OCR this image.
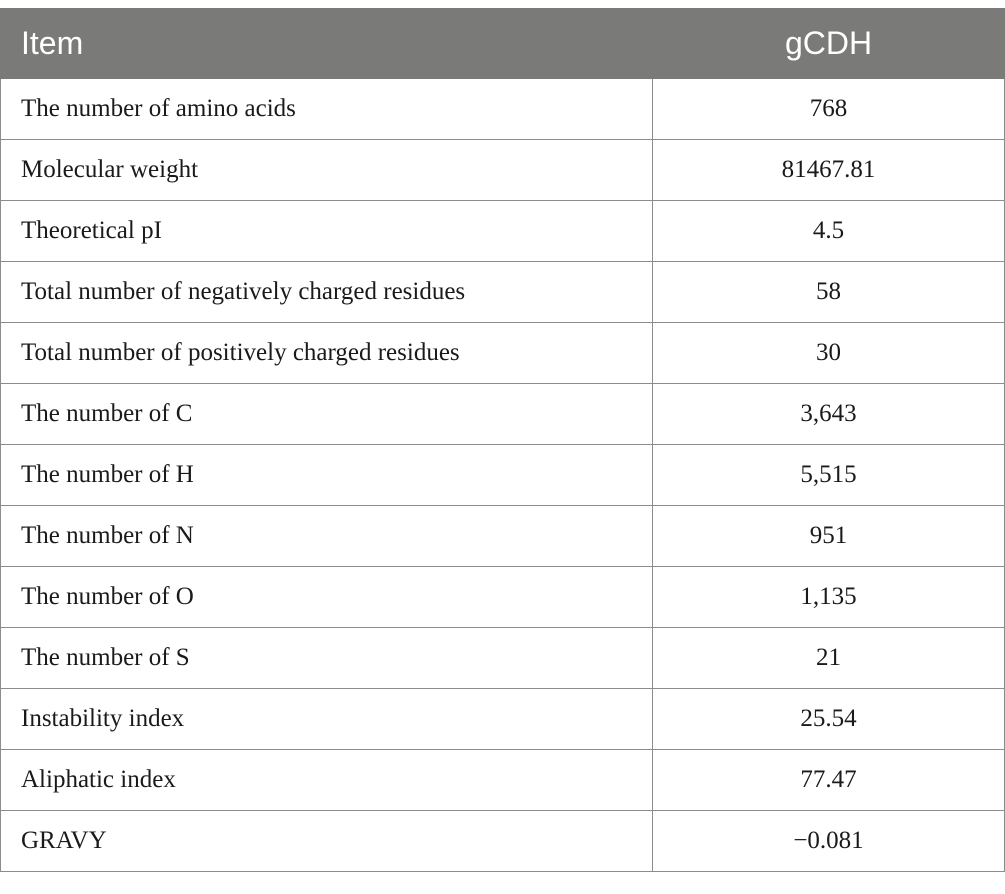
Item	gCDH
The number of amino acids	768
Molecular weight	81467.81
Theoretical pI	4.5
Total number of negatively charged residues	58
Total number of positively charged residues	30
The number of C	3,643
The number of H	5,515
The number of N	951
The number of O	1,135
The number of S	21
Instability index	25.54
Aliphatic index	77.47
GRAVY	−0.081
